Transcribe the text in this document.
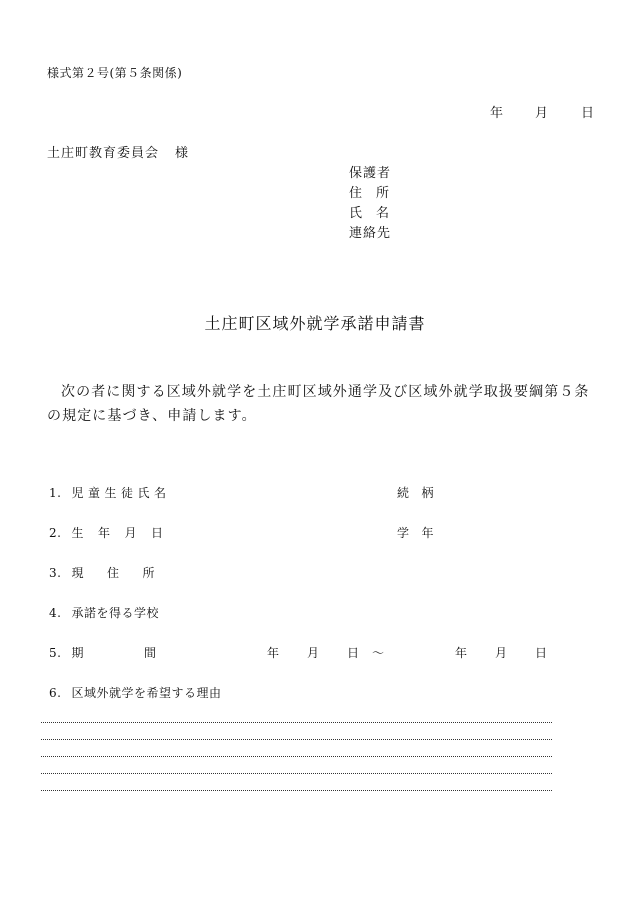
様式第２号(第５条関係)
年 月	日
土庄町教育委員会 様
保護者
住 所
氏 名
連絡先
土庄町区域外就学承諾申請書
次の者に関する区域外就学を土庄町区域外通学及び区域外就学取扱要綱第５条
の規定に基づき、申請します。
1. 児 童 生 徒 氏 名	続 柄
2. 生 年 月 日	学 年
3. 現 住 所
4. 承諾を得る学校
5. 期	間	年 月 日 ～	年 月 日
6. 区域外就学を希望する理由
